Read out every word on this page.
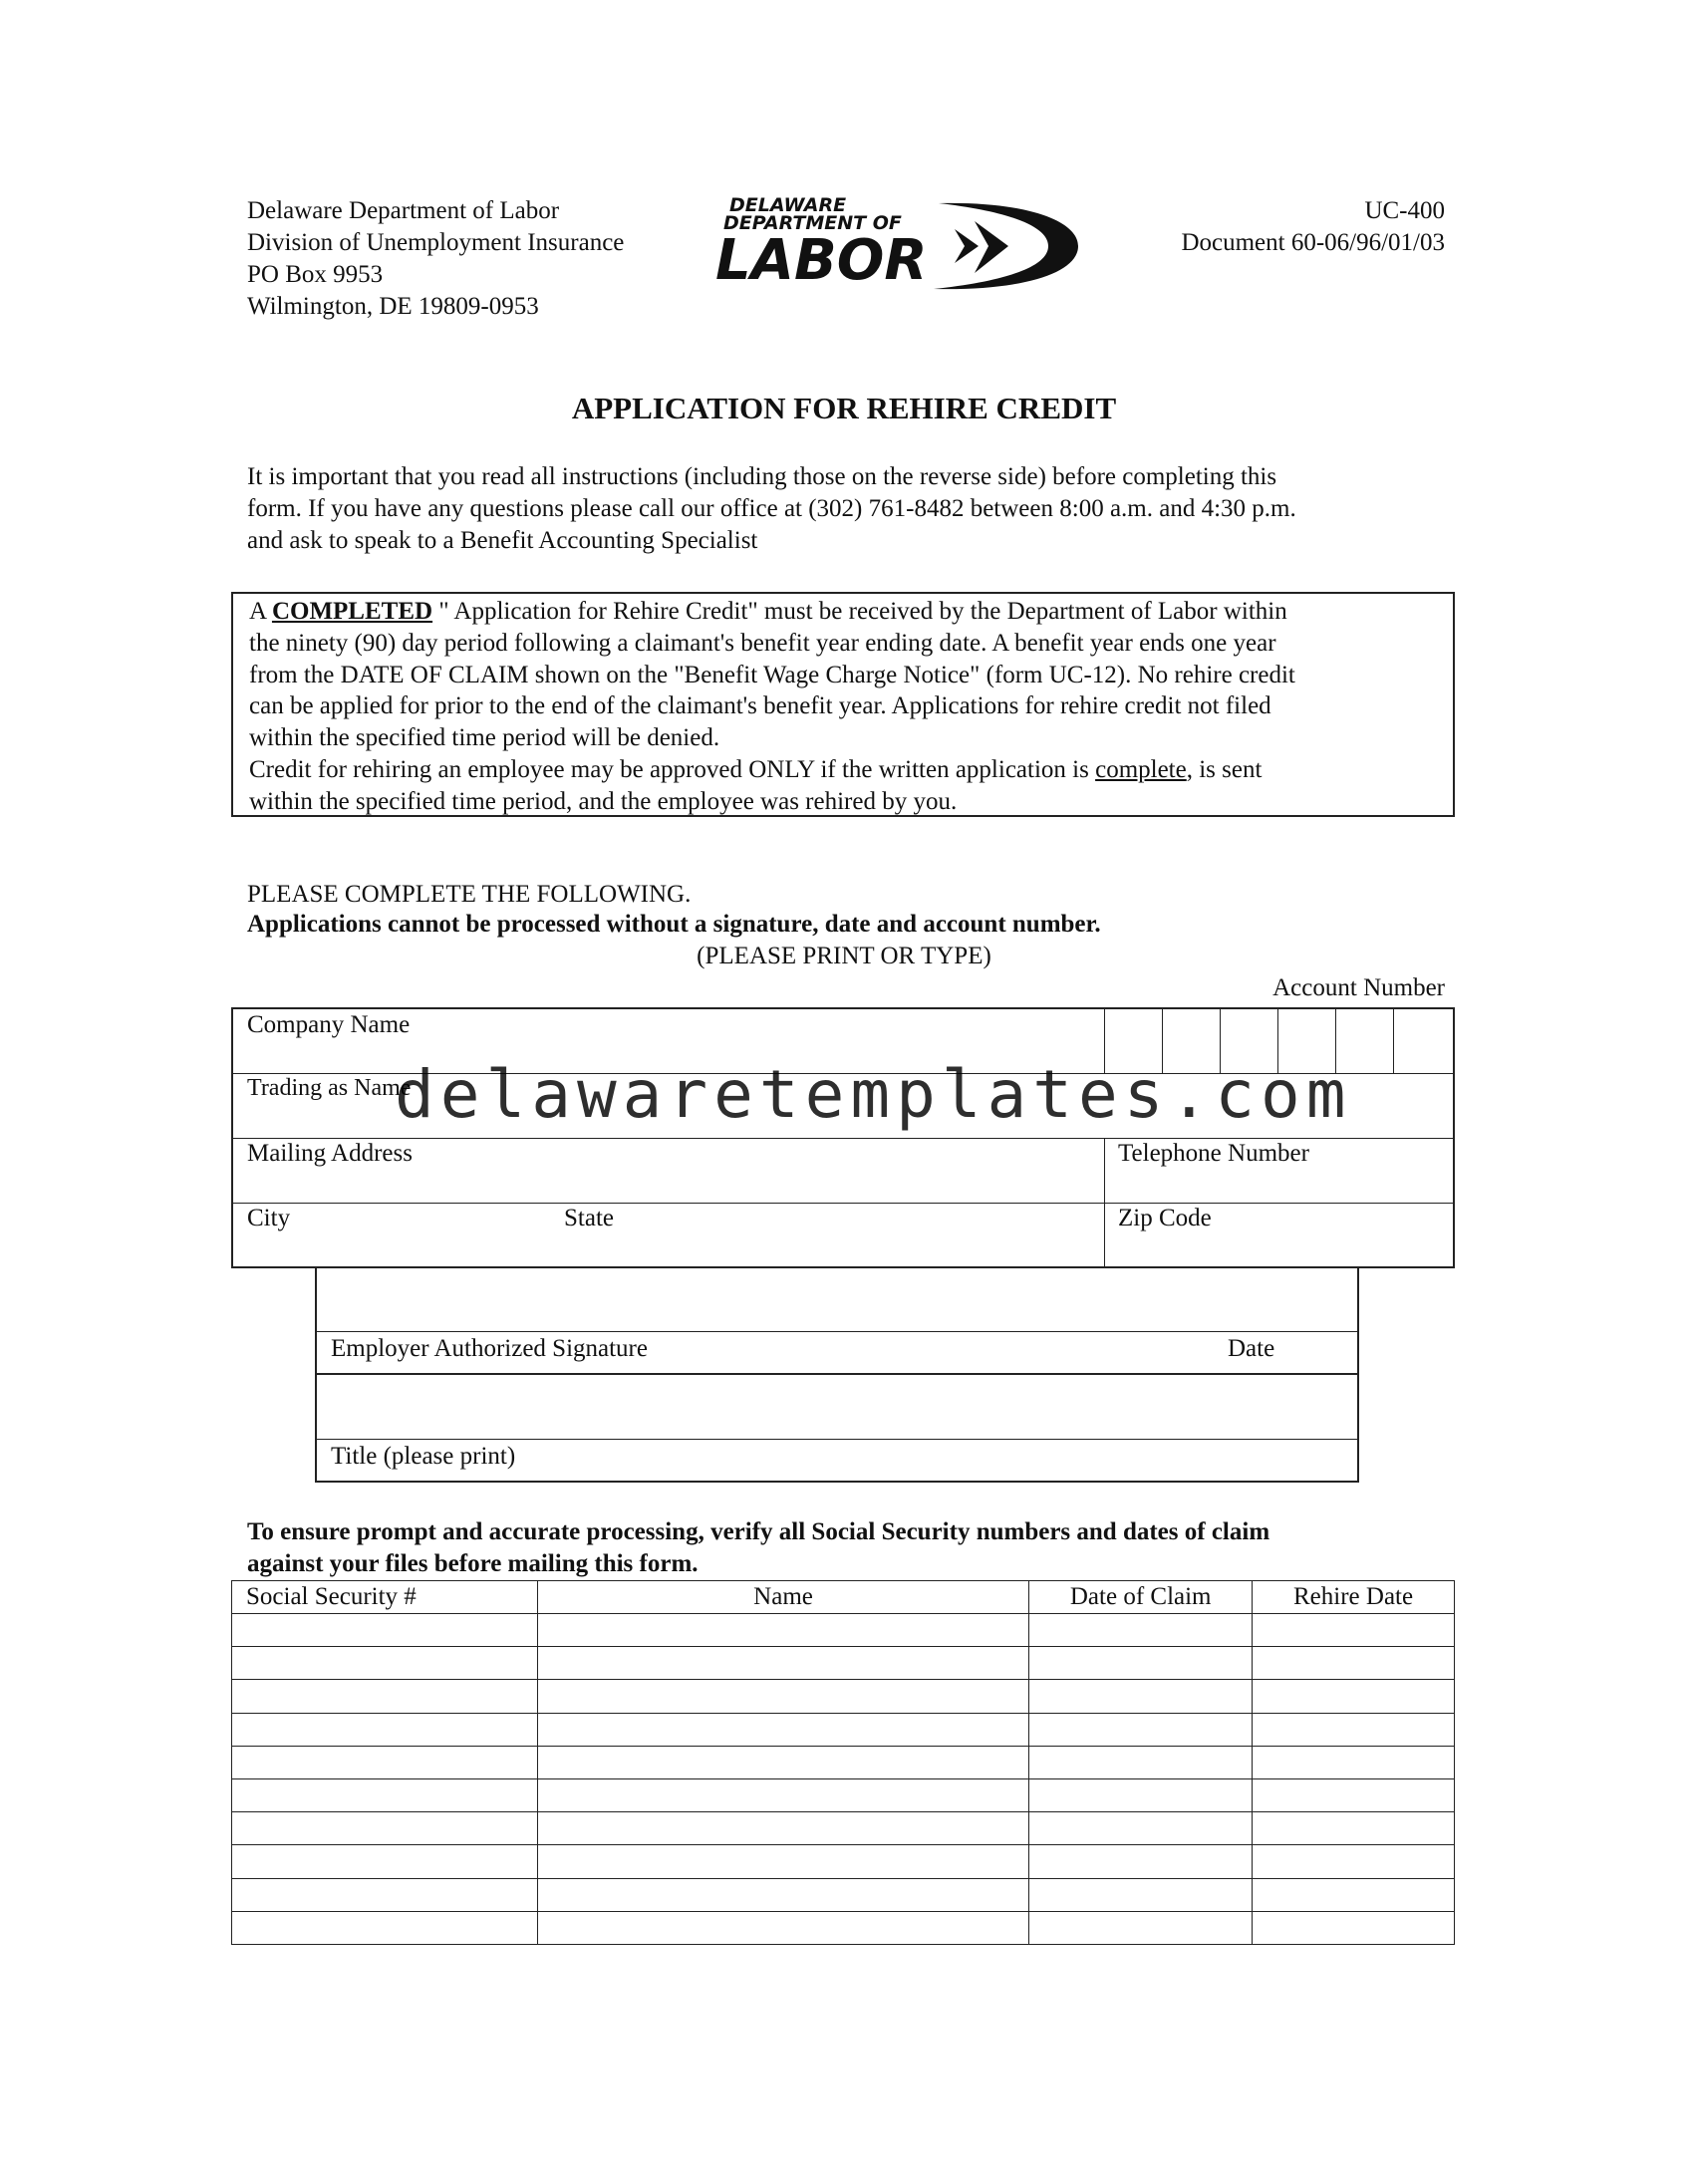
Delaware Department of Labor
Division of Unemployment Insurance
PO Box 9953
Wilmington, DE 19809-0953
DELAWARE
DEPARTMENT OF
LABOR
UC-400
Document 60-06/96/01/03
APPLICATION FOR REHIRE CREDIT
It is important that you read all instructions (including those on the reverse side) before completing this
form. If you have any questions please call our office at (302) 761-8482 between 8:00 a.m. and 4:30 p.m.
and ask to speak to a Benefit Accounting Specialist
A COMPLETED " Application for Rehire Credit" must be received by the Department of Labor within
the ninety (90) day period following a claimant's benefit year ending date. A benefit year ends one year
from the DATE OF CLAIM shown on the "Benefit Wage Charge Notice" (form UC-12). No rehire credit
can be applied for prior to the end of the claimant's benefit year. Applications for rehire credit not filed
within the specified time period will be denied.
Credit for rehiring an employee may be approved ONLY if the written application is complete, is sent
within the specified time period, and the employee was rehired by you.
PLEASE COMPLETE THE FOLLOWING.
Applications cannot be processed without a signature, date and account number.
(PLEASE PRINT OR TYPE)
Account Number
Company Name
Trading as Name
Mailing Address	Telephone Number
City	State	Zip Code
delawaretemplates.com
Employer Authorized Signature	Date
Title (please print)
To ensure prompt and accurate processing, verify all Social Security numbers and dates of claim
against your files before mailing this form.
Social Security #	Name	Date of Claim	Rehire Date
